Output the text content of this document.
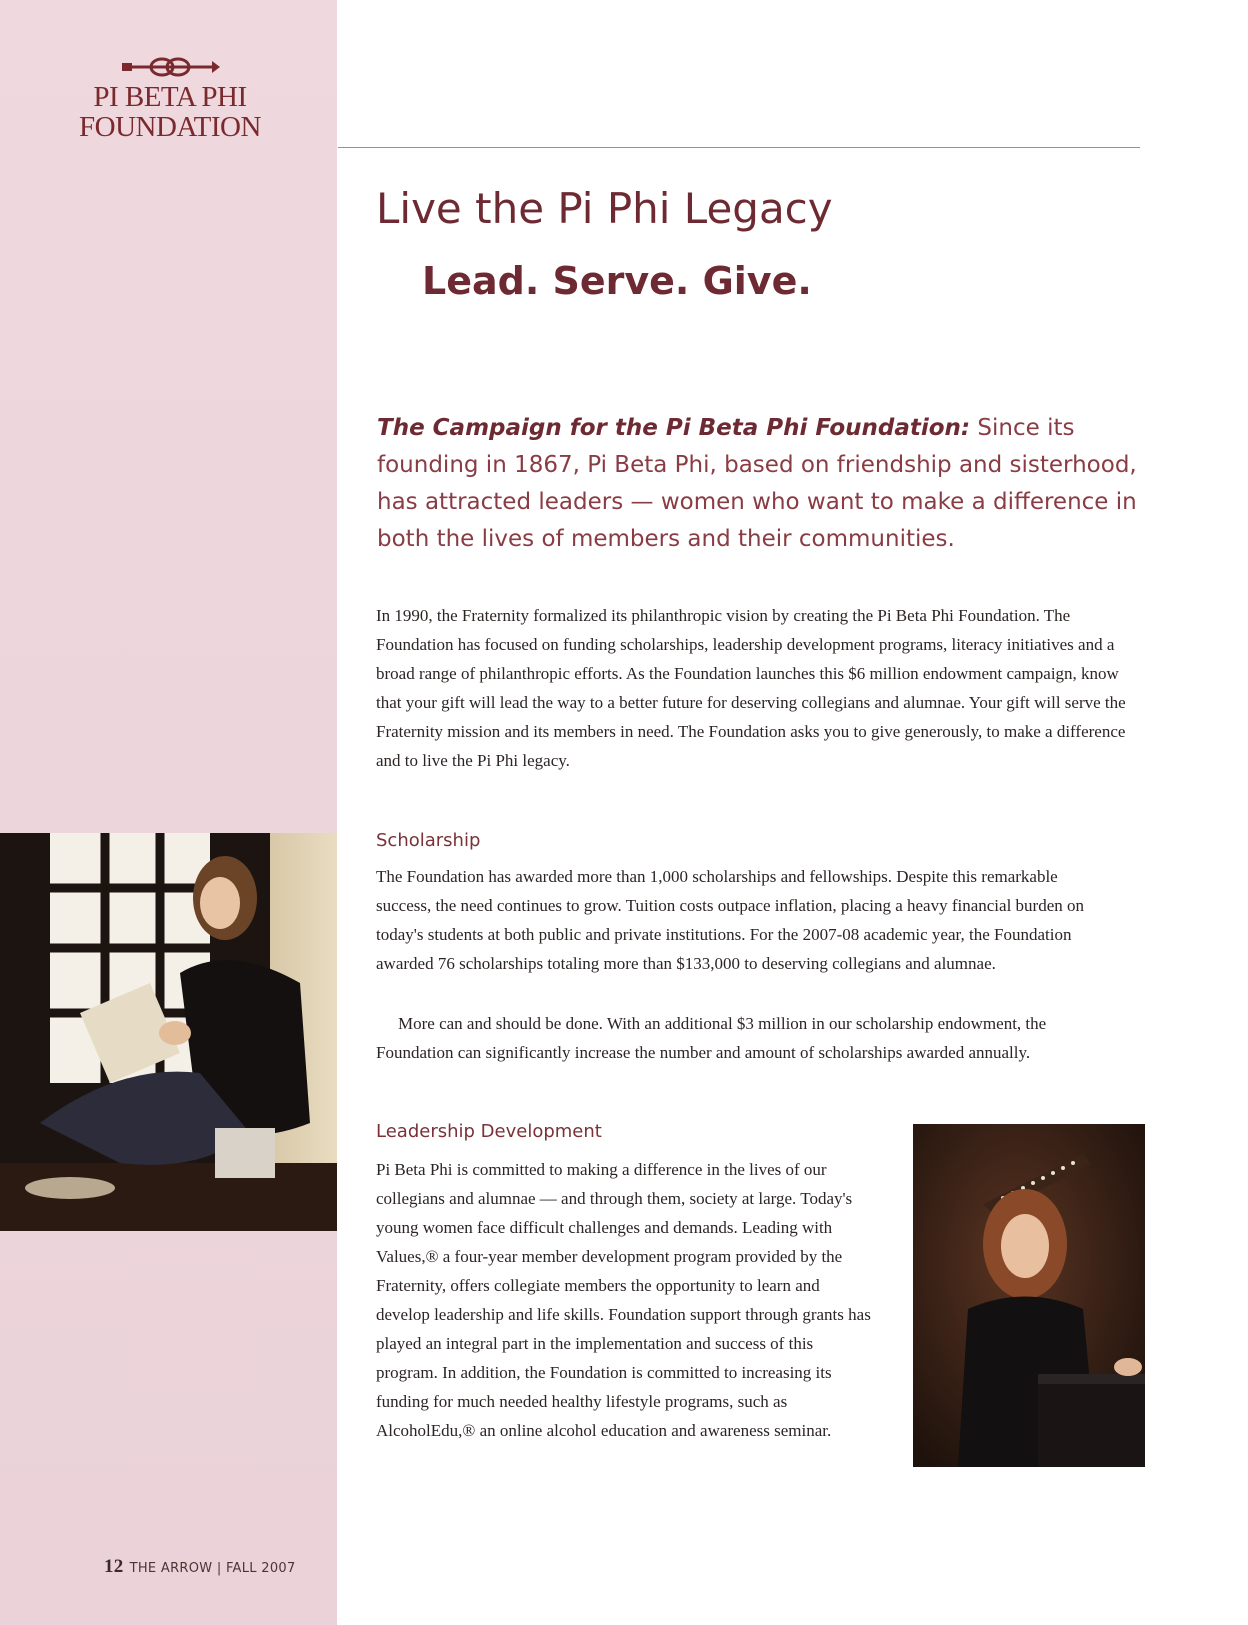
PI BETA PHI
FOUNDATION
Live the Pi Phi Legacy
Lead. Serve. Give.
The Campaign for the Pi Beta Phi Foundation: Since its founding in 1867, Pi Beta Phi, based on friendship and sisterhood, has attracted leaders — women who want to make a difference in both the lives of members and their communities.

In 1990, the Fraternity formalized its philanthropic vision by creating the Pi Beta Phi Foundation. The Foundation has focused on funding scholarships, leadership development programs, literacy initiatives and a broad range of philanthropic efforts. As the Foundation launches this $6 million endowment campaign, know that your gift will lead the way to a better future for deserving collegians and alumnae. Your gift will serve the Fraternity mission and its members in need. The Foundation asks you to give generously, to make a difference and to live the Pi Phi legacy.

Scholarship

The Foundation has awarded more than 1,000 scholarships and fellowships. Despite this remarkable success, the need continues to grow. Tuition costs outpace inflation, placing a heavy financial burden on today's students at both public and private institutions. For the 2007-08 academic year, the Foundation awarded 76 scholarships totaling more than $133,000 to deserving collegians and alumnae.

More can and should be done. With an additional $3 million in our scholarship endowment, the Foundation can significantly increase the number and amount of scholarships awarded annually.

Leadership Development

Pi Beta Phi is committed to making a difference in the lives of our collegians and alumnae — and through them, society at large. Today's young women face difficult challenges and demands. Leading with Values,® a four-year member development program provided by the Fraternity, offers collegiate members the opportunity to learn and develop leadership and life skills. Foundation support through grants has played an integral part in the implementation and success of this program. In addition, the Foundation is committed to increasing its funding for much needed healthy lifestyle programs, such as AlcoholEdu,® an online alcohol education and awareness seminar.

12 THE ARROW | FALL 2007
